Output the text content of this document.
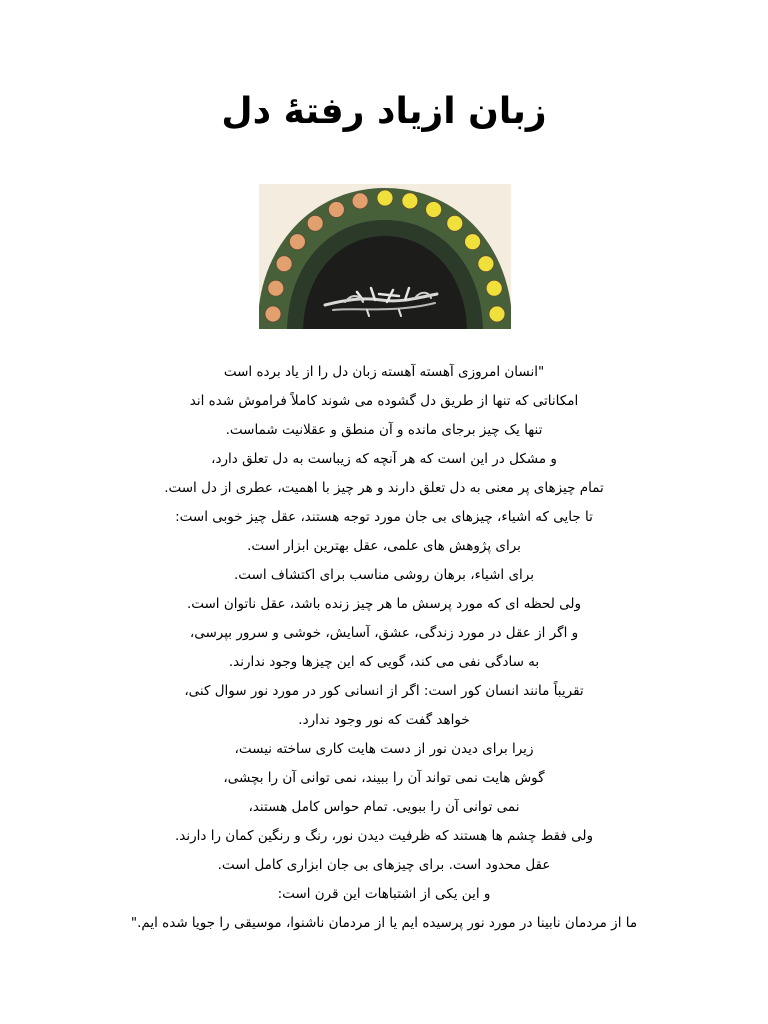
زبان ازیاد رفتهٔ دل
"انسان امروزی آهسته آهسته زبان دل را از یاد برده است
امکاناتی که تنها از طریق دل گشوده می شوند کاملاً فراموش شده اند
تنها یک چیز برجای مانده و آن منطق و عقلانیت شماست.
و مشکل در این است که هر آنچه که زیباست به دل تعلق دارد،
تمام چیزهای پر معنی به دل تعلق دارند و هر چیز با اهمیت، عطری از دل است.
تا جایی که اشیاء، چیزهای بی جان مورد توجه هستند، عقل چیز خوبی است:
برای پژوهش های علمی، عقل بهترین ابزار است.
برای اشیاء، برهان روشی مناسب برای اکتشاف است.
ولی لحظه ای که مورد پرسش ما هر چیز زنده باشد، عقل ناتوان است.
و اگر از عقل در مورد زندگی، عشق، آسایش، خوشی و سرور بپرسی،
به سادگی نفی می کند، گویی که این چیزها وجود ندارند.
تقریباً مانند انسان کور است: اگر از انسانی کور در مورد نور سوال کنی،
خواهد گفت که نور وجود ندارد.
زیرا برای دیدن نور از دست هایت کاری ساخته نیست،
گوش هایت نمی تواند آن را ببیند، نمی توانی آن را بچشی،
نمی توانی آن را ببویی. تمام حواس کامل هستند،
ولی فقط چشم ها هستند که ظرفیت دیدن نور، رنگ و رنگین کمان را دارند.
عقل محدود است. برای چیزهای بی جان ابزاری کامل است.
و این یکی از اشتباهات این قرن است:
ما از مردمان نابینا در مورد نور پرسیده ایم یا از مردمان ناشنوا، موسیقی را جویا شده ایم."
